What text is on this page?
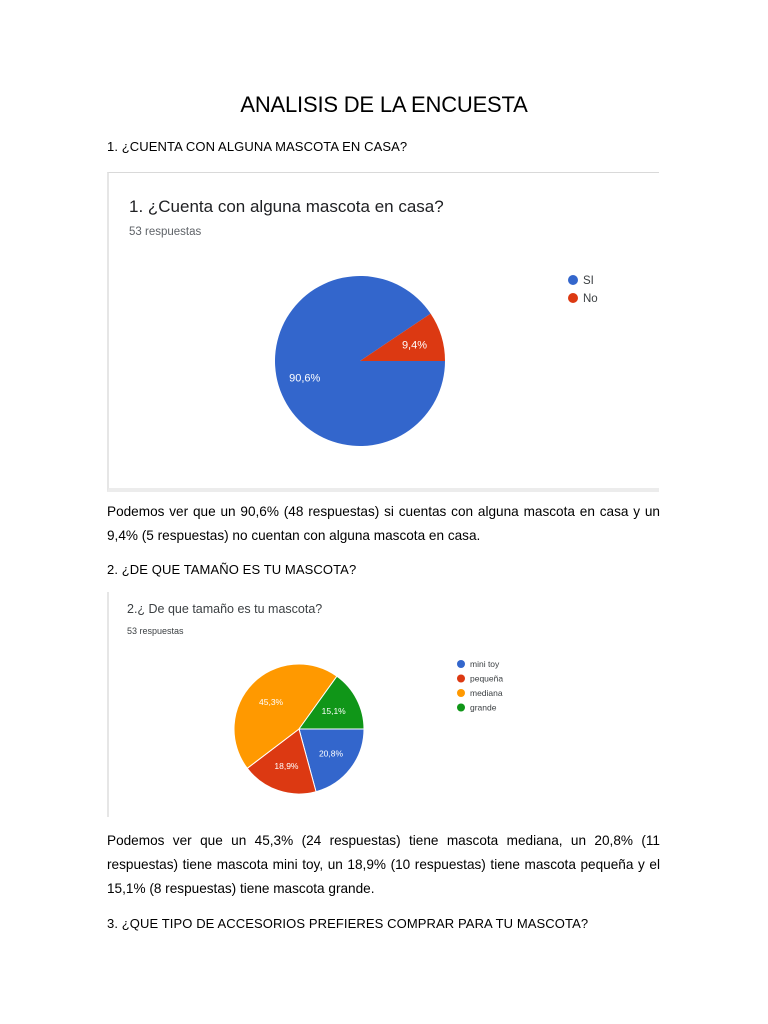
ANALISIS DE LA ENCUESTA
1. ¿CUENTA CON ALGUNA MASCOTA EN CASA?
1. ¿Cuenta con alguna mascota en casa?
53 respuestas
90,6%
SI
9,4%
No
Podemos ver que un 90,6% (48 respuestas) si cuentas con alguna mascota en casa y un 9,4% (5 respuestas) no cuentan con alguna mascota en casa.
2. ¿DE QUE TAMAÑO ES TU MASCOTA?
2.¿ De que tamaño es tu mascota?
53 respuestas
20,8%
mini toy
18,9%
pequeña
45,3%
mediana
15,1%	grande
Podemos ver que un 45,3% (24 respuestas) tiene mascota mediana, un 20,8% (11 respuestas) tiene mascota mini toy, un 18,9% (10 respuestas) tiene mascota pequeña y el 15,1% (8 respuestas) tiene mascota grande.
3. ¿QUE TIPO DE ACCESORIOS PREFIERES COMPRAR PARA TU MASCOTA?
